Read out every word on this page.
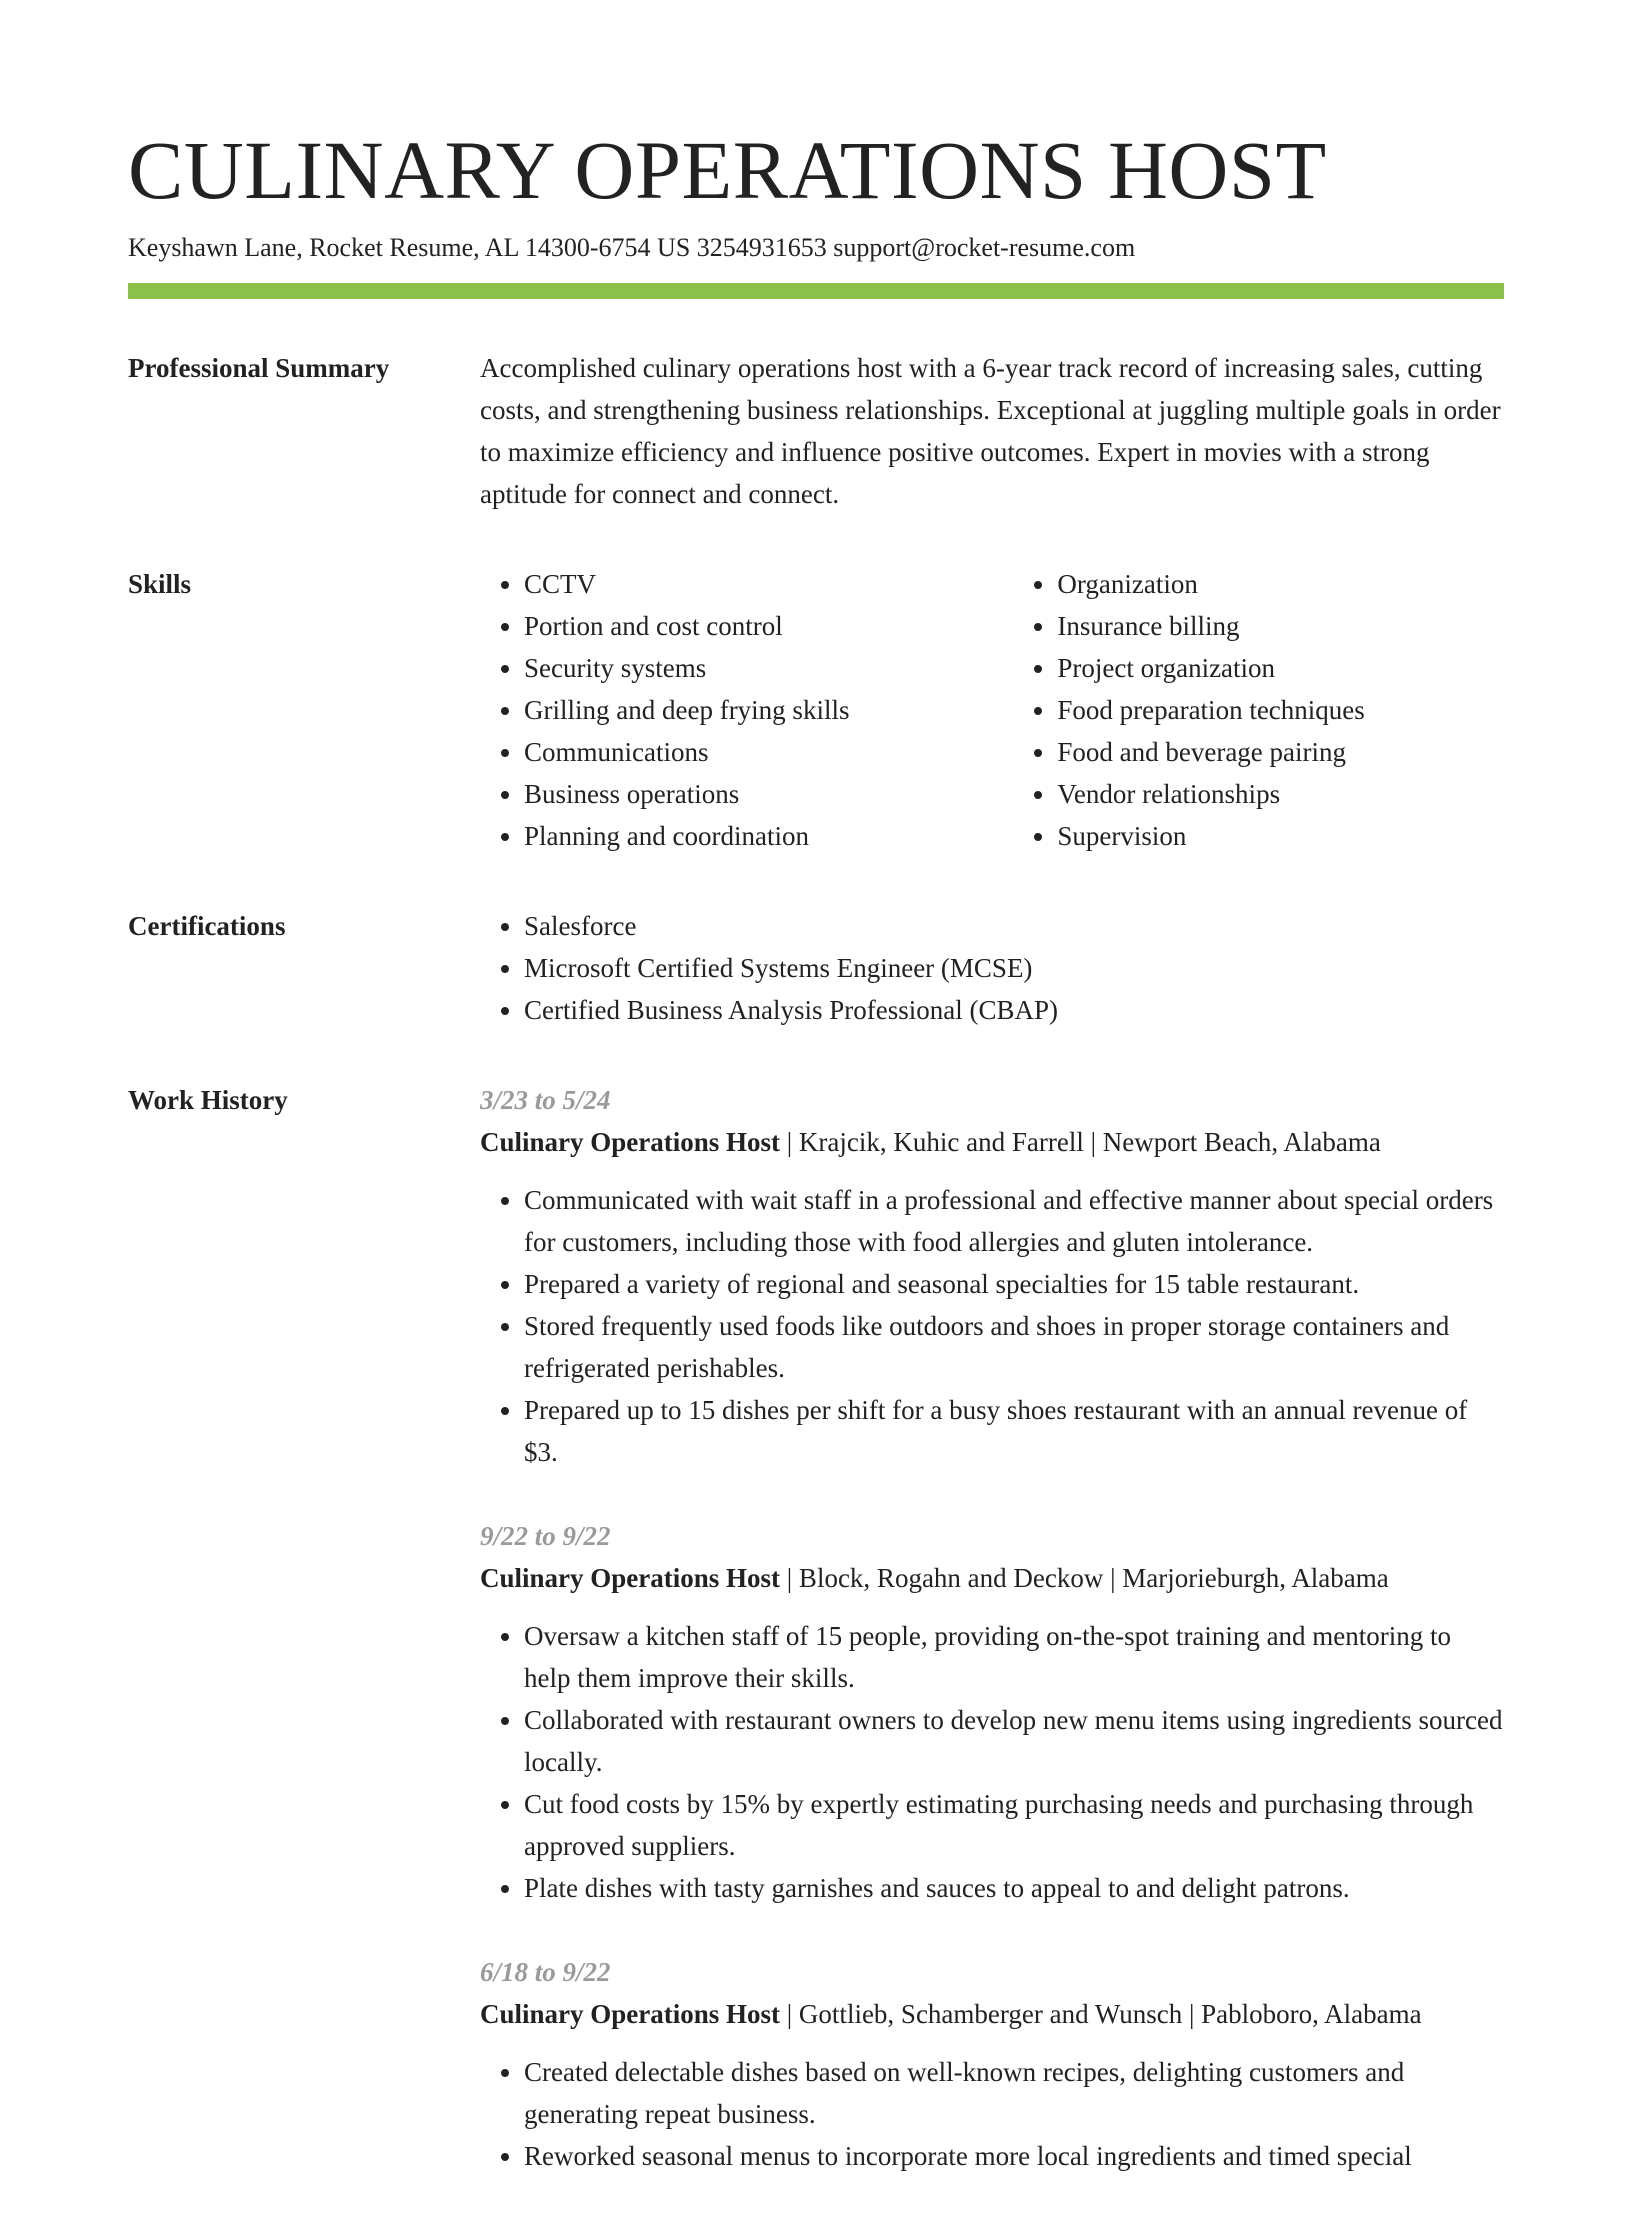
CULINARY OPERATIONS HOST
Keyshawn Lane, Rocket Resume, AL 14300-6754 US 3254931653 support@rocket-resume.com
Professional Summary	Accomplished culinary operations host with a 6-year track record of increasing sales, cutting costs, and strengthening business relationships. Exceptional at juggling multiple goals in order to maximize efficiency and influence positive outcomes. Expert in movies with a strong aptitude for connect and connect.

Skills	• CCTV
• Portion and cost control
• Security systems
• Grilling and deep frying skills
• Communications
• Business operations
• Planning and coordination
• Organization
• Insurance billing
• Project organization
• Food preparation techniques
• Food and beverage pairing
• Vendor relationships
• Supervision
Certifications	• Salesforce
• Microsoft Certified Systems Engineer (MCSE)
• Certified Business Analysis Professional (CBAP)
Work History	3/23 to 5/24
Culinary Operations Host | Krajcik, Kuhic and Farrell | Newport Beach, Alabama
• Communicated with wait staff in a professional and effective manner about special orders for customers, including those with food allergies and gluten intolerance.
• Prepared a variety of regional and seasonal specialties for 15 table restaurant.
• Stored frequently used foods like outdoors and shoes in proper storage containers and refrigerated perishables.
• Prepared up to 15 dishes per shift for a busy shoes restaurant with an annual revenue of $3.
9/22 to 9/22
Culinary Operations Host | Block, Rogahn and Deckow | Marjorieburgh, Alabama
• Oversaw a kitchen staff of 15 people, providing on-the-spot training and mentoring to help them improve their skills.
• Collaborated with restaurant owners to develop new menu items using ingredients sourced locally.
• Cut food costs by 15% by expertly estimating purchasing needs and purchasing through approved suppliers.
• Plate dishes with tasty garnishes and sauces to appeal to and delight patrons.
6/18 to 9/22
Culinary Operations Host | Gottlieb, Schamberger and Wunsch | Pabloboro, Alabama
• Created delectable dishes based on well-known recipes, delighting customers and generating repeat business.
• Reworked seasonal menus to incorporate more local ingredients and timed special
